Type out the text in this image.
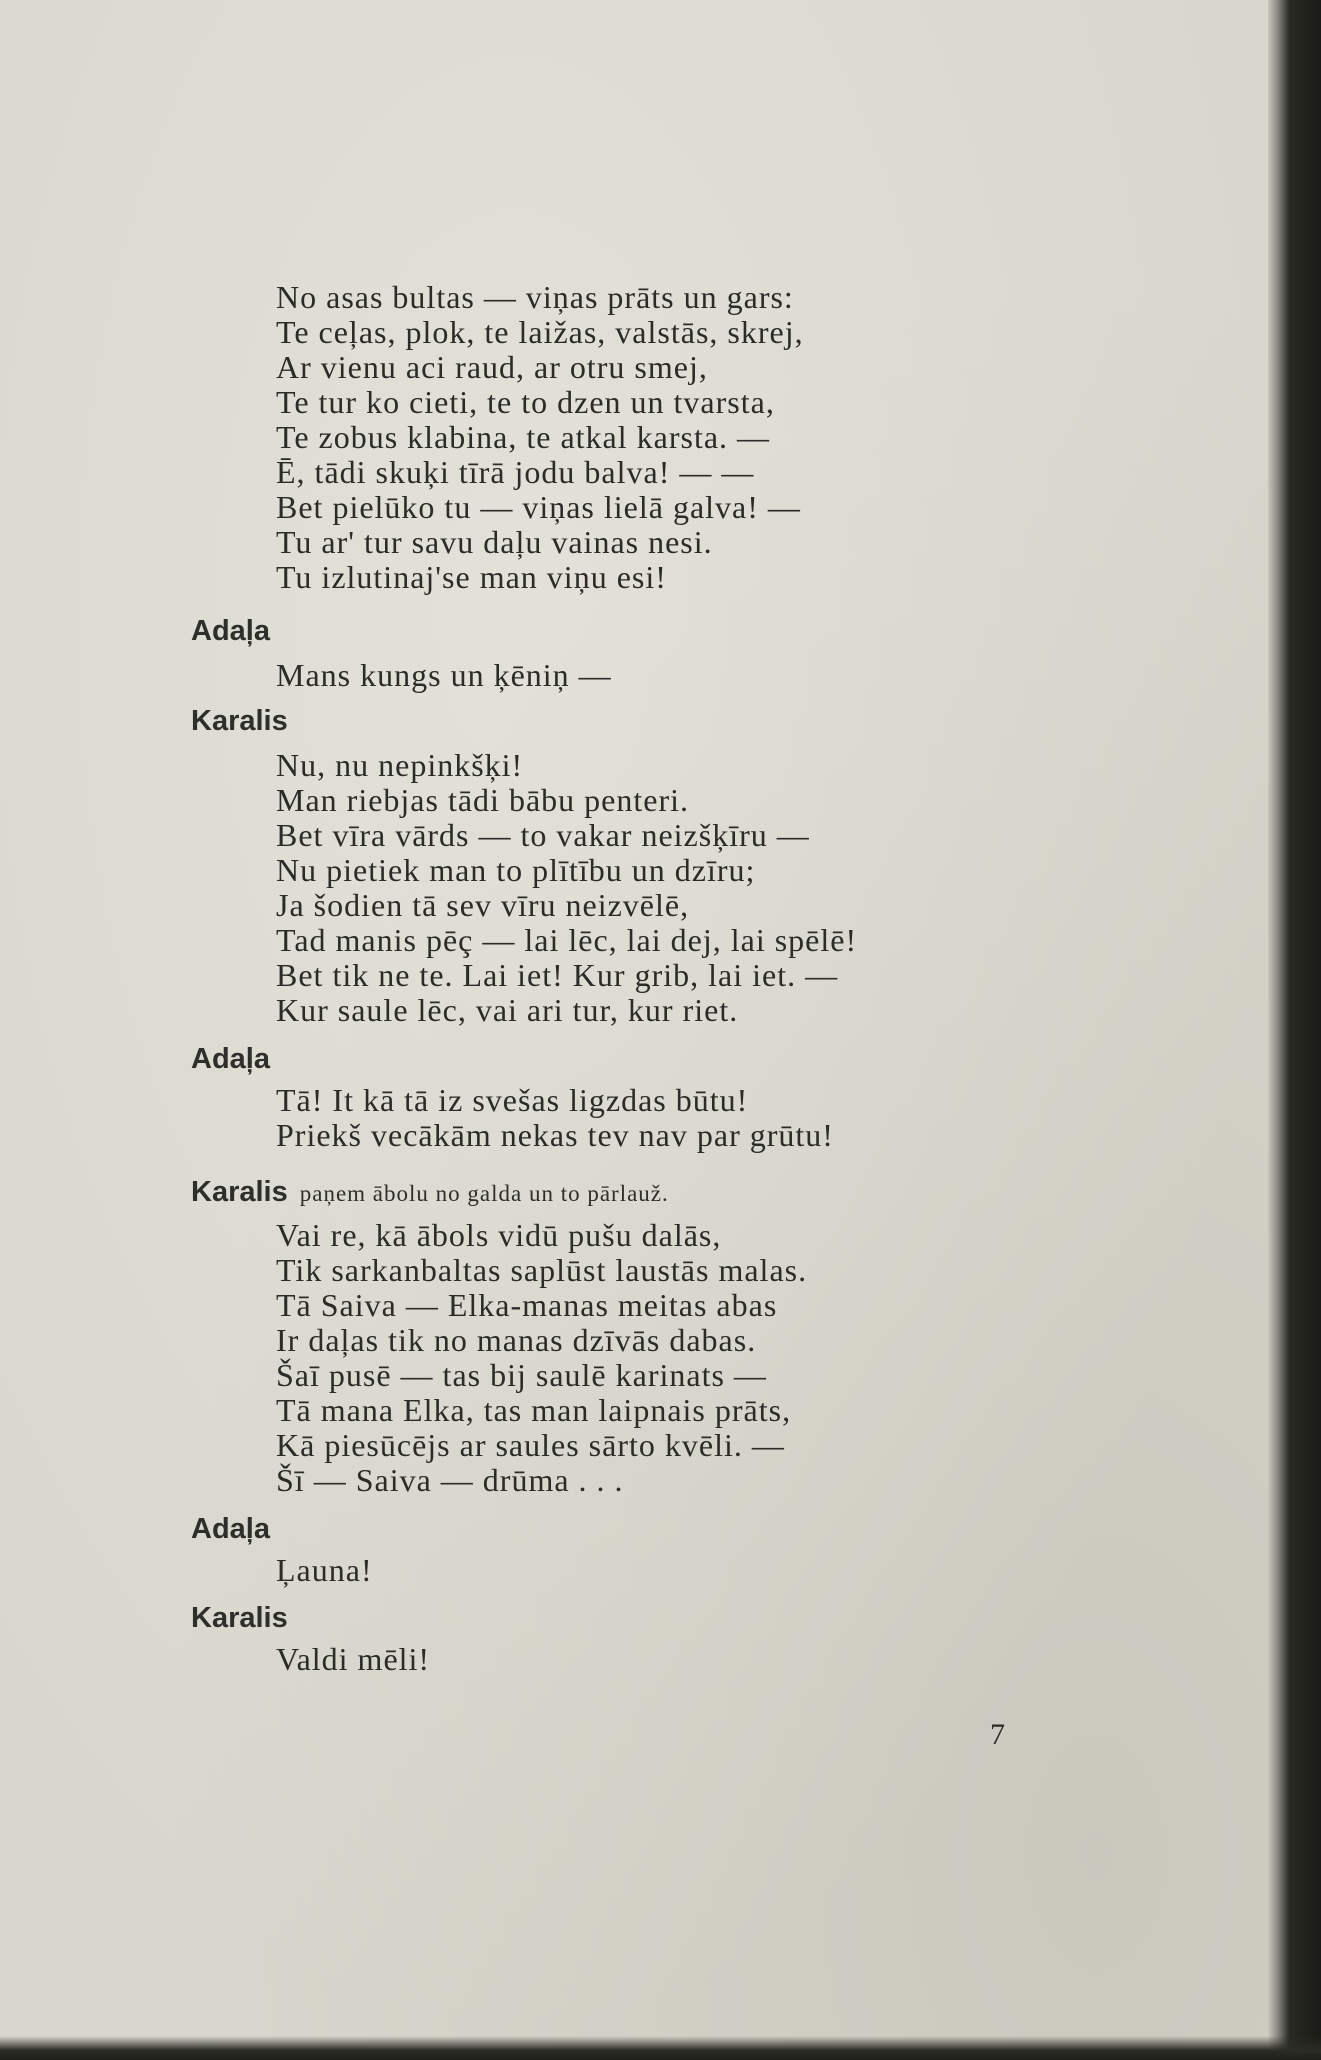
No asas bultas — viņas prāts un gars:
Te ceļas, plok, te laižas, valstās, skrej,
Ar vienu aci raud, ar otru smej,
Te tur ko cieti, te to dzen un tvarsta,
Te zobus klabina, te atkal karsta. —
Ē, tādi skuķi tīrā jodu balva! — —
Bet pielūko tu — viņas lielā galva! —
Tu ar' tur savu daļu vainas nesi.
Tu izlutinaj'se man viņu esi!
Adaļa
Mans kungs un ķēniņ —
Karalis
Nu, nu nepinkšķi!
Man riebjas tādi bābu penteri.
Bet vīra vārds — to vakar neizšķīru —
Nu pietiek man to plītību un dzīru;
Ja šodien tā sev vīru neizvēlē,
Tad manis pēç — lai lēc, lai dej, lai spēlē!
Bet tik ne te. Lai iet! Kur grib, lai iet. —
Kur saule lēc, vai ari tur, kur riet.
Adaļa
Tā! It kā tā iz svešas ligzdas būtu!
Priekš vecākām nekas tev nav par grūtu!
Karalis paņem ābolu no galda un to pārlauž.
Vai re, kā ābols vidū pušu dalās,
Tik sarkanbaltas saplūst laustās malas.
Tā Saiva — Elka-manas meitas abas
Ir daļas tik no manas dzīvās dabas.
Šaī pusē — tas bij saulē karinats —
Tā mana Elka, tas man laipnais prāts,
Kā piesūcējs ar saules sārto kvēli. —
Šī — Saiva — drūma . . .
Adaļa
Ļauna!
Karalis
Valdi mēli!
7
